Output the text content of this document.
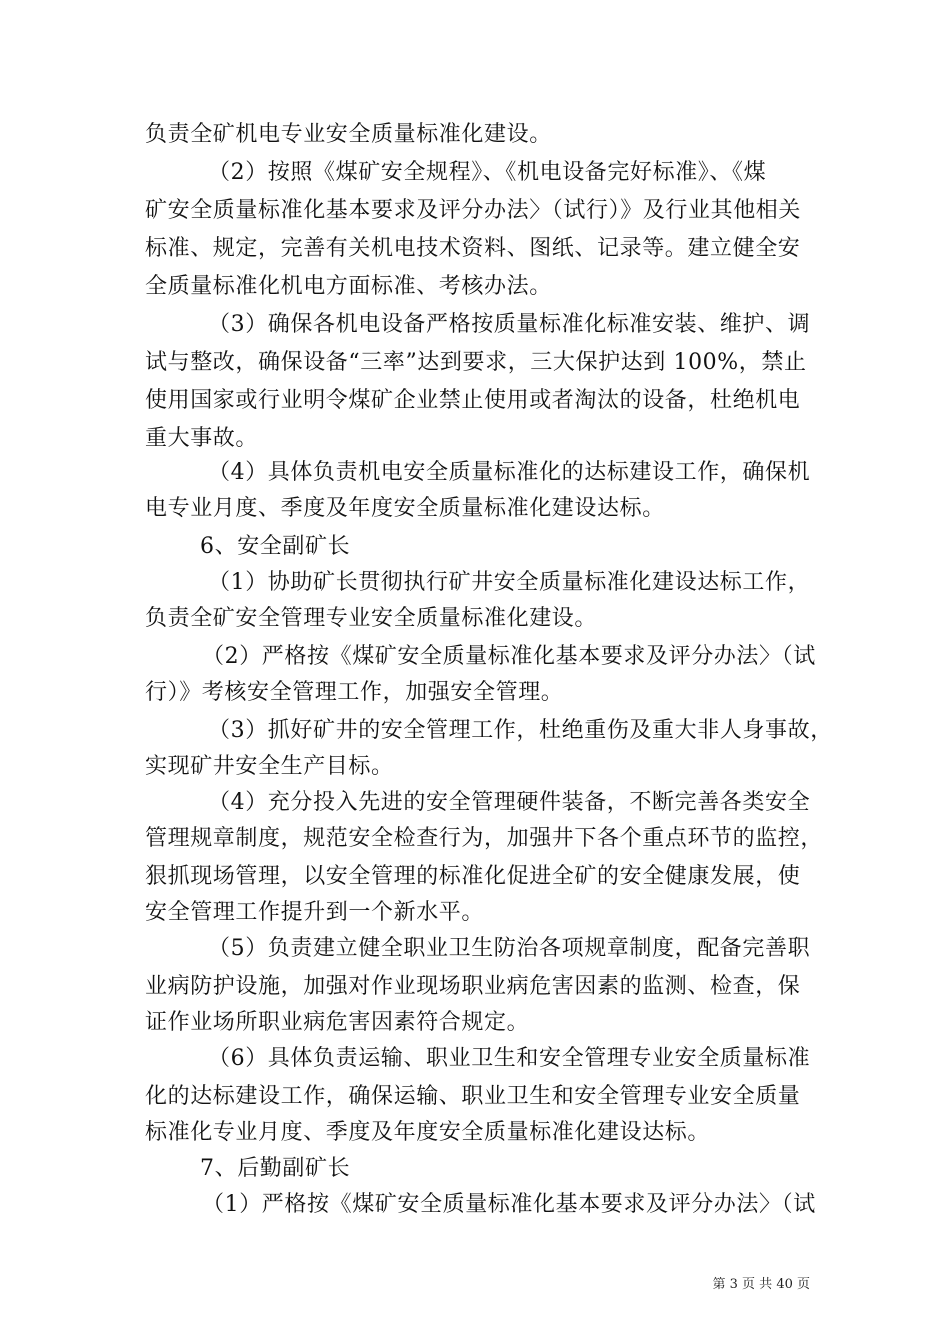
负责全矿机电专业安全质量标准化建设。
（2）按照《煤矿安全规程》、《机电设备完好标准》、《煤
矿安全质量标准化基本要求及评分办法〉（试行）》及行业其他相关
标准、规定，完善有关机电技术资料、图纸、记录等。建立健全安
全质量标准化机电方面标准、考核办法。
（3）确保各机电设备严格按质量标准化标准安装、维护、调
试与整改，确保设备“三率”达到要求，三大保护达到 100%，禁止
使用国家或行业明令煤矿企业禁止使用或者淘汰的设备，杜绝机电
重大事故。
（4）具体负责机电安全质量标准化的达标建设工作，确保机
电专业月度、季度及年度安全质量标准化建设达标。
6、安全副矿长
（1）协助矿长贯彻执行矿井安全质量标准化建设达标工作，
负责全矿安全管理专业安全质量标准化建设。
（2）严格按《煤矿安全质量标准化基本要求及评分办法〉（试
行）》考核安全管理工作，加强安全管理。
（3）抓好矿井的安全管理工作，杜绝重伤及重大非人身事故，
实现矿井安全生产目标。
（4）充分投入先进的安全管理硬件装备，不断完善各类安全
管理规章制度，规范安全检查行为，加强井下各个重点环节的监控，
狠抓现场管理，以安全管理的标准化促进全矿的安全健康发展，使
安全管理工作提升到一个新水平。
（5）负责建立健全职业卫生防治各项规章制度，配备完善职
业病防护设施，加强对作业现场职业病危害因素的监测、检查，保
证作业场所职业病危害因素符合规定。
（6）具体负责运输、职业卫生和安全管理专业安全质量标准
化的达标建设工作，确保运输、职业卫生和安全管理专业安全质量
标准化专业月度、季度及年度安全质量标准化建设达标。
7、后勤副矿长
（1）严格按《煤矿安全质量标准化基本要求及评分办法〉（试
第 3 页 共 40 页
